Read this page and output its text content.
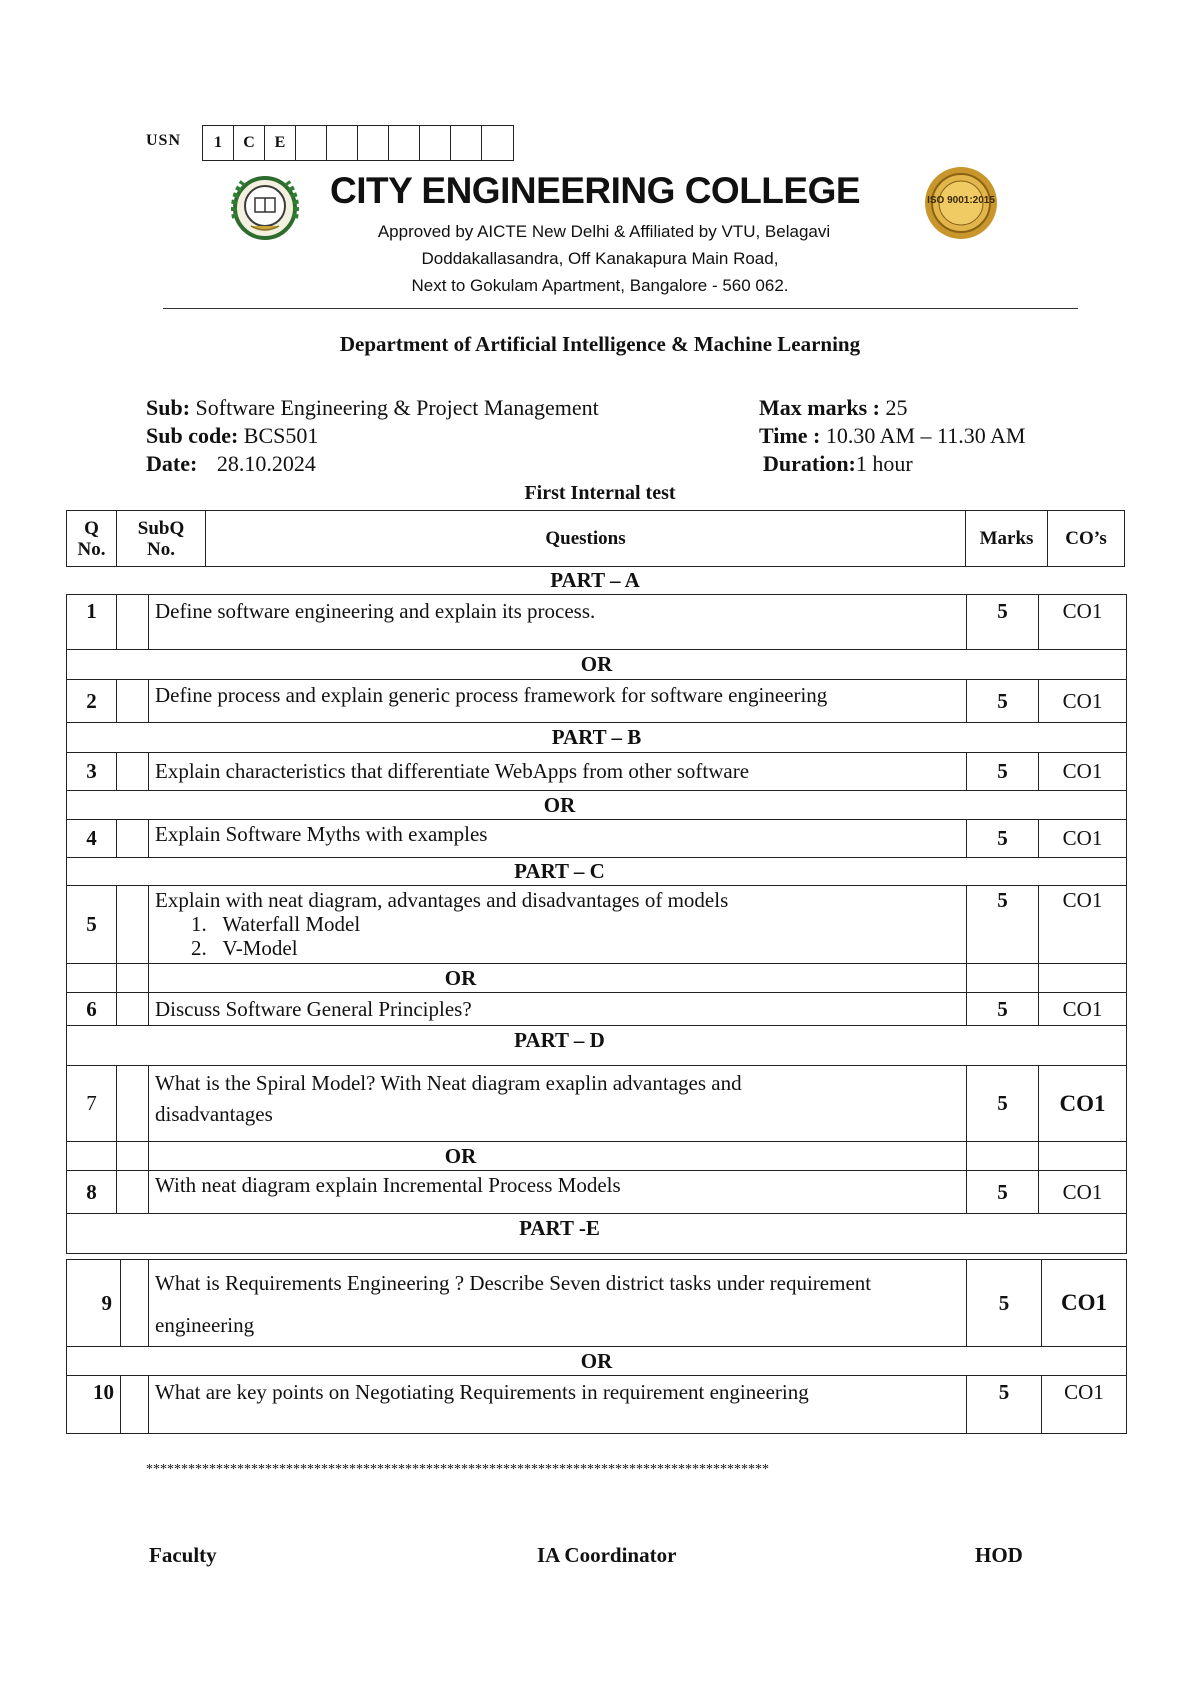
USN	1	C	E
CITY ENGINEERING COLLEGE
Approved by AICTE New Delhi & Affiliated by VTU, Belagavi
Doddakallasandra, Off Kanakapura Main Road,
Next to Gokulam Apartment, Bangalore - 560 062.
ISO 9001:2015
Department of Artificial Intelligence & Machine Learning
Sub: Software Engineering & Project Management
Sub code: BCS501
Date: 28.10.2024
Max marks : 25
Time : 10.30 AM – 11.30 AM
Duration:1 hour
First Internal test
Q No.	SubQ No.	Questions	Marks	CO’s
PART – A
1		Define software engineering and explain its process.	5	CO1
OR				
2		Define process and explain generic process framework for software engineering	5	CO1
PART – B				
3		Explain characteristics that differentiate WebApps from other software	5	CO1
OR				
4		Explain Software Myths with examples	5	CO1
PART – C				
5		Explain with neat diagram, advantages and disadvantages of models
1.   Waterfall Model
2.   V-Model	5	CO1
		OR		
6		Discuss Software General Principles?	5	CO1
PART – D				
7		What is the Spiral Model? With Neat diagram exaplin advantages and disadvantages	5	CO1
		OR		
8		With neat diagram explain Incremental Process Models	5	CO1
PART -E				
9		What is Requirements Engineering ? Describe Seven district tasks under requirement engineering	5	CO1
OR				
10		What are key points on Negotiating Requirements in requirement engineering	5	CO1
*****************************************************************************************
Faculty	IA Coordinator	HOD
